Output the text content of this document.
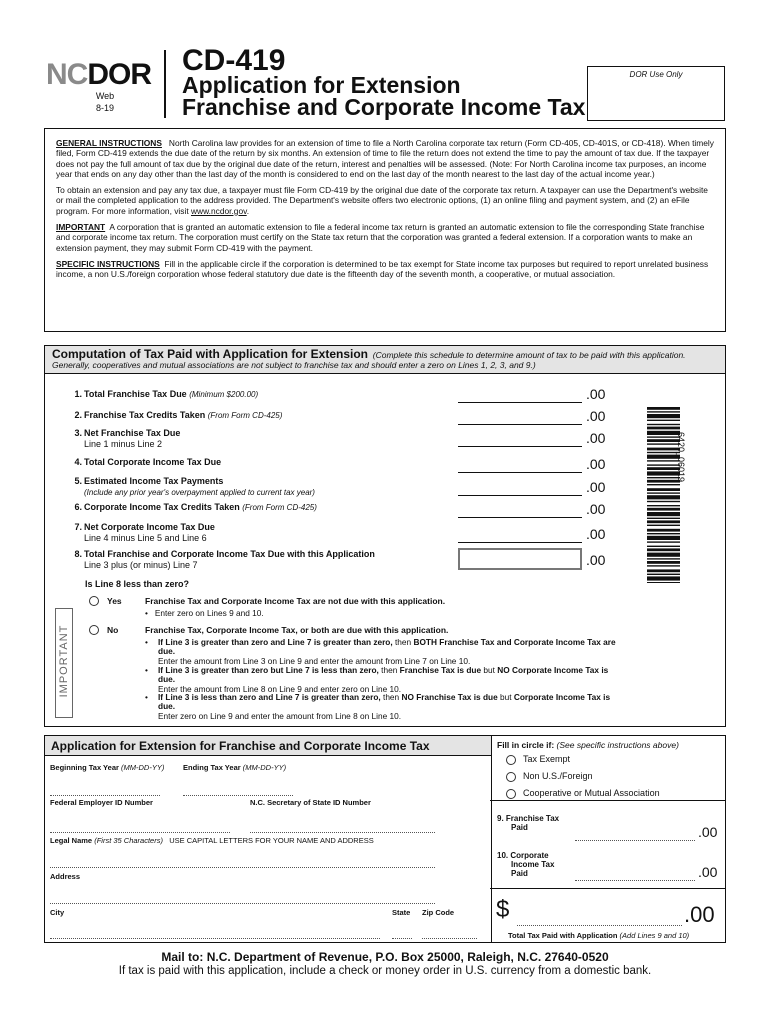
NCDOR
Web
8-19
CD-419
Application for Extension
Franchise and Corporate Income Tax
DOR Use Only

GENERAL INSTRUCTIONS North Carolina law provides for an extension of time to file a North Carolina corporate tax return (Form CD-405, CD-401S, or CD-418). When timely filed, Form CD-419 extends the due date of the return by six months. An extension of time to file the return does not extend the time to pay the amount of tax due. If the taxpayer does not pay the full amount of tax due by the original due date of the return, interest and penalties will be assessed. (Note: For North Carolina income tax purposes, an income year that ends on any day other than the last day of the month is considered to end on the last day of the month nearest to the last day of the actual income year.)

To obtain an extension and pay any tax due, a taxpayer must file Form CD-419 by the original due date of the corporate tax return. A taxpayer can use the Department's website or mail the completed application to the address provided. The Department's website offers two electronic options, (1) an online filing and payment system, and (2) an eFile program. For more information, visit www.ncdor.gov.

IMPORTANT A corporation that is granted an automatic extension to file a federal income tax return is granted an automatic extension to file the corresponding State franchise and corporate income tax return. The corporation must certify on the State tax return that the corporation was granted a federal extension. If a corporation wants to make an extension payment, they may submit Form CD-419 with the payment.

SPECIFIC INSTRUCTIONS Fill in the applicable circle if the corporation is determined to be tax exempt for State income tax purposes but required to report unrelated business income, a non U.S./foreign corporation whose federal statutory due date is the fifteenth day of the seventh month, a cooperative, or mutual association.

Computation of Tax Paid with Application for Extension (Complete this schedule to determine amount of tax to be paid with this application. Generally, cooperatives and mutual associations are not subject to franchise tax and should enter a zero on Lines 1, 2, 3, and 9.)
1. Total Franchise Tax Due (Minimum $200.00)	.00
2. Franchise Tax Credits Taken (From Form CD-425)	.00
3. Net Franchise Tax Due
Line 1 minus Line 2	.00
4. Total Corporate Income Tax Due	.00
5. Estimated Income Tax Payments
(Include any prior year's overpayment applied to current tax year)	.00
6. Corporate Income Tax Credits Taken (From Form CD-425)	.00
7. Net Corporate Income Tax Due
Line 4 minus Line 5 and Line 6	.00
8. Total Franchise and Corporate Income Tax Due with this Application
Line 3 plus (or minus) Line 7	.00
6420_06019
Is Line 8 less than zero?
Yes	Franchise Tax and Corporate Income Tax are not due with this application.
•   Enter zero on Lines 9 and 10.
IMPORTANT	No	Franchise Tax, Corporate Income Tax, or both are due with this application.
• If Line 3 is greater than zero and Line 7 is greater than zero, then BOTH Franchise Tax and Corporate Income Tax are due.
Enter the amount from Line 3 on Line 9 and enter the amount from Line 7 on Line 10.
• If Line 3 is greater than zero but Line 7 is less than zero, then Franchise Tax is due but NO Corporate Income Tax is due.
Enter the amount from Line 8 on Line 9 and enter zero on Line 10.
• If Line 3 is less than zero and Line 7 is greater than zero, then NO Franchise Tax is due but Corporate Income Tax is due.
Enter zero on Line 9 and enter the amount from Line 8 on Line 10.
Application for Extension for Franchise and Corporate Income Tax
Beginning Tax Year (MM-DD-YY) Ending Tax Year (MM-DD-YY)
Federal Employer ID Number	N.C. Secretary of State ID Number
Legal Name (First 35 Characters) USE CAPITAL LETTERS FOR YOUR NAME AND ADDRESS
Address
City	State Zip Code
Fill in circle if: (See specific instructions above)
Tax Exempt
Non U.S./Foreign
Cooperative or Mutual Association
9. Franchise Tax
Paid	.00
10. Corporate
Income Tax
Paid	.00
$	.00
Total Tax Paid with Application (Add Lines 9 and 10)
Mail to: N.C. Department of Revenue, P.O. Box 25000, Raleigh, N.C. 27640-0520
If tax is paid with this application, include a check or money order in U.S. currency from a domestic bank.
